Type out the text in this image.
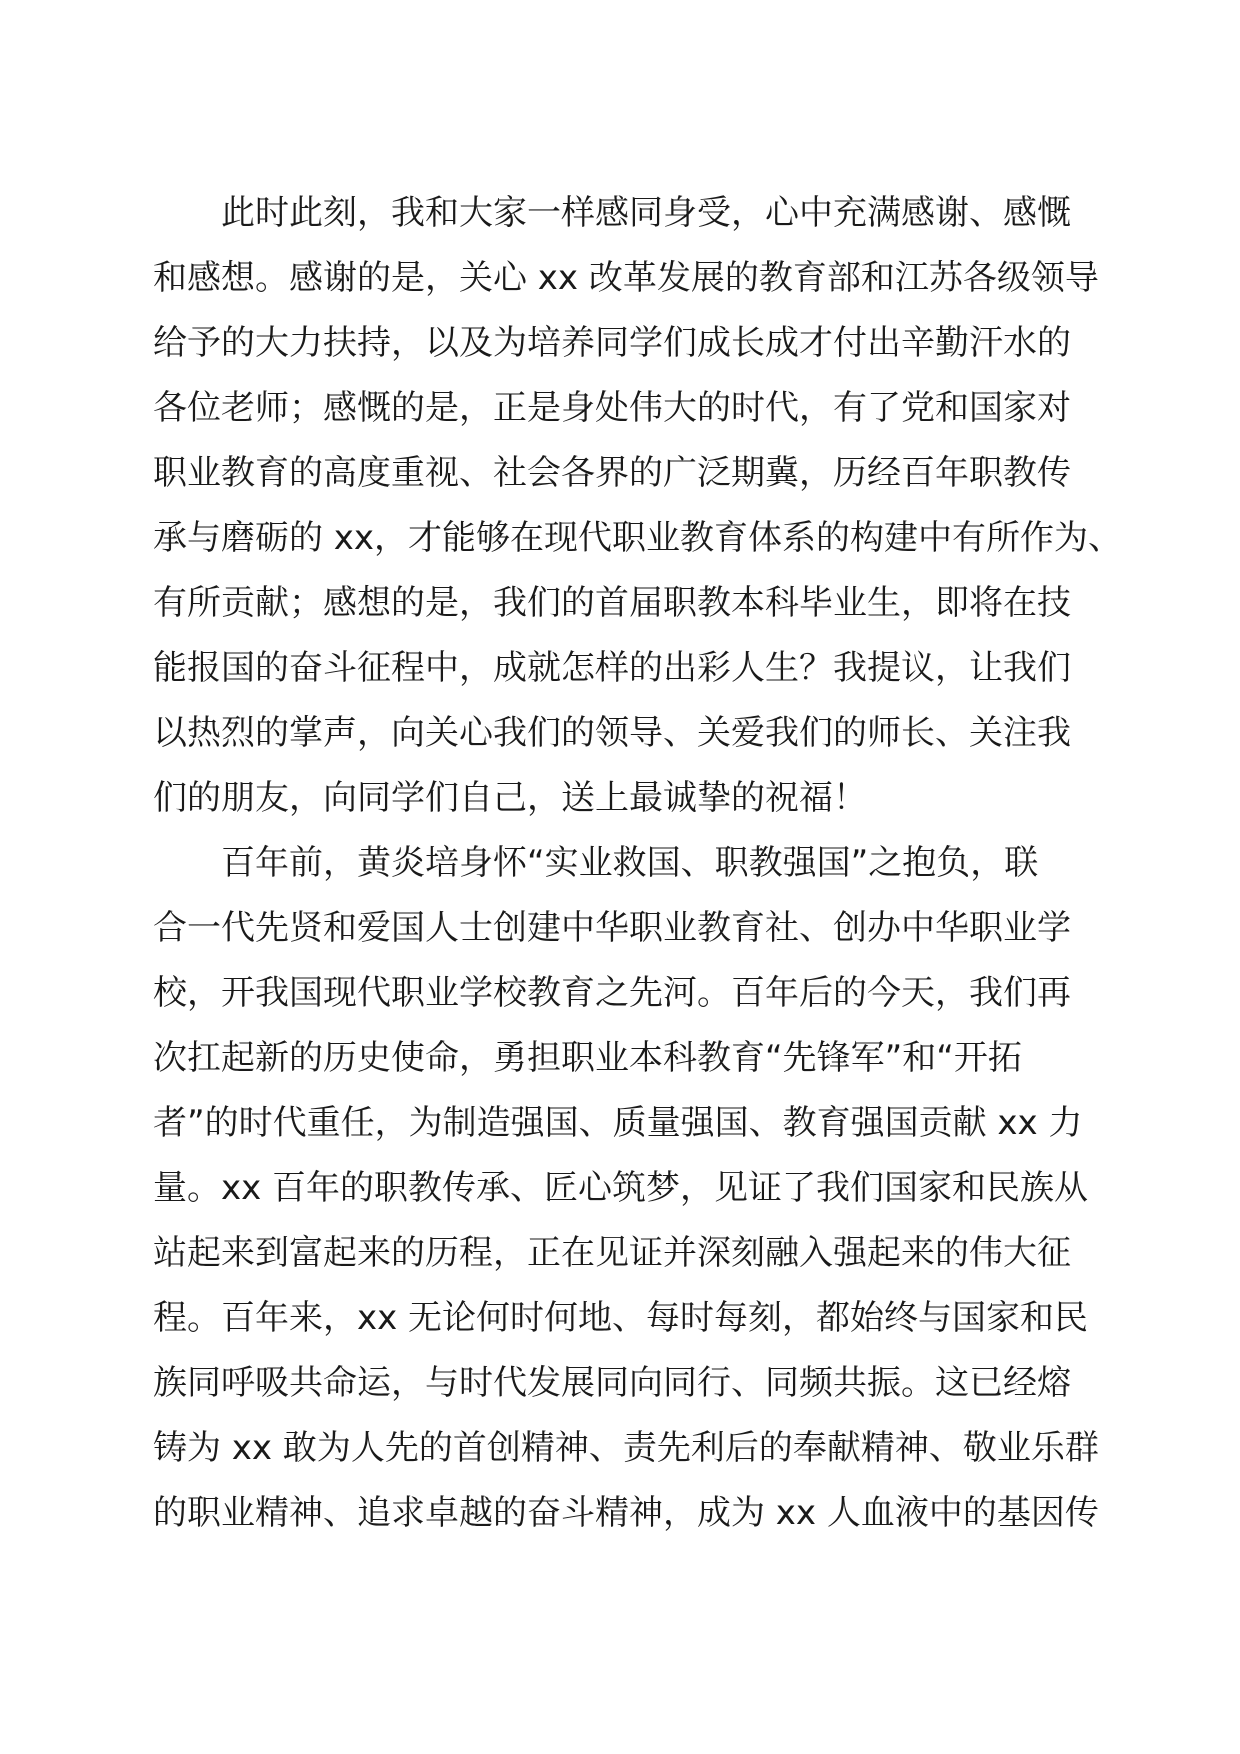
此时此刻，我和大家一样感同身受，心中充满感谢、感慨
和感想。感谢的是，关心 xx 改革发展的教育部和江苏各级领导
给予的大力扶持，以及为培养同学们成长成才付出辛勤汗水的
各位老师；感慨的是，正是身处伟大的时代，有了党和国家对
职业教育的高度重视、社会各界的广泛期冀，历经百年职教传
承与磨砺的 xx，才能够在现代职业教育体系的构建中有所作为、
有所贡献；感想的是，我们的首届职教本科毕业生，即将在技
能报国的奋斗征程中，成就怎样的出彩人生？我提议，让我们
以热烈的掌声，向关心我们的领导、关爱我们的师长、关注我
们的朋友，向同学们自己，送上最诚挚的祝福！
百年前，黄炎培身怀“实业救国、职教强国”之抱负，联
合一代先贤和爱国人士创建中华职业教育社、创办中华职业学
校，开我国现代职业学校教育之先河。百年后的今天，我们再
次扛起新的历史使命，勇担职业本科教育“先锋军”和“开拓
者”的时代重任，为制造强国、质量强国、教育强国贡献 xx 力
量。xx 百年的职教传承、匠心筑梦，见证了我们国家和民族从
站起来到富起来的历程，正在见证并深刻融入强起来的伟大征
程。百年来，xx 无论何时何地、每时每刻，都始终与国家和民
族同呼吸共命运，与时代发展同向同行、同频共振。这已经熔
铸为 xx 敢为人先的首创精神、责先利后的奉献精神、敬业乐群
的职业精神、追求卓越的奋斗精神，成为 xx 人血液中的基因传
